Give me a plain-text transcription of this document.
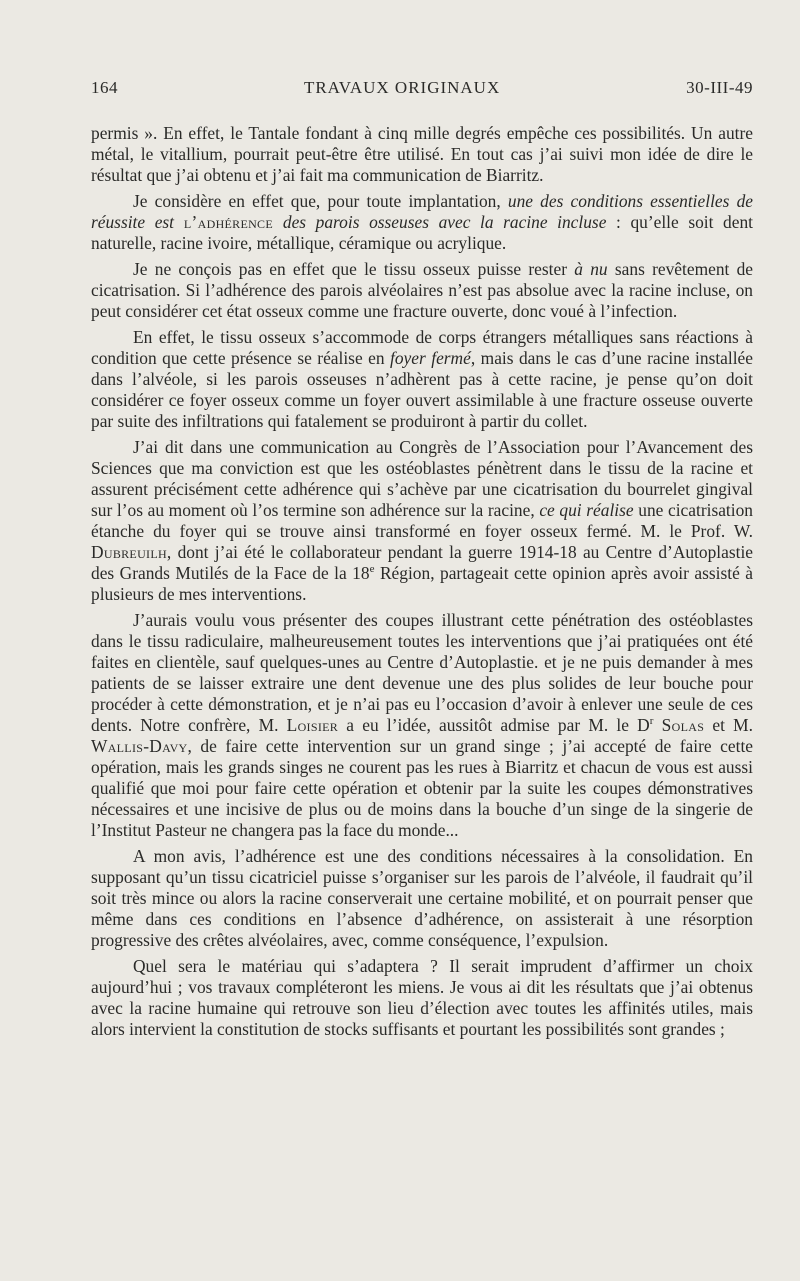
164	TRAVAUX ORIGINAUX	30-III-49

permis ». En effet, le Tantale fondant à cinq mille degrés empêche ces possibilités. Un autre métal, le vitallium, pourrait peut-être être utilisé. En tout cas j’ai suivi mon idée de dire le résultat que j’ai obtenu et j’ai fait ma communication de Biarritz.

Je considère en effet que, pour toute implantation, une des conditions essentielles de réussite est l’adhérence des parois osseuses avec la racine incluse : qu’elle soit dent naturelle, racine ivoire, métallique, céramique ou acrylique.

Je ne conçois pas en effet que le tissu osseux puisse rester à nu sans revêtement de cicatrisation. Si l’adhérence des parois alvéolaires n’est pas absolue avec la racine incluse, on peut considérer cet état osseux comme une fracture ouverte, donc voué à l’infection.

En effet, le tissu osseux s’accommode de corps étrangers métalliques sans réactions à condition que cette présence se réalise en foyer fermé, mais dans le cas d’une racine installée dans l’alvéole, si les parois osseuses n’adhèrent pas à cette racine, je pense qu’on doit considérer ce foyer osseux comme un foyer ouvert assimilable à une fracture osseuse ouverte par suite des infiltrations qui fatalement se produiront à partir du collet.

J’ai dit dans une communication au Congrès de l’Association pour l’Avancement des Sciences que ma conviction est que les ostéoblastes pénètrent dans le tissu de la racine et assurent précisément cette adhérence qui s’achève par une cicatrisation du bourrelet gingival sur l’os au moment où l’os termine son adhérence sur la racine, ce qui réalise une cicatrisation étanche du foyer qui se trouve ainsi transformé en foyer osseux fermé. M. le Prof. W. Dubreuilh, dont j’ai été le collaborateur pendant la guerre 1914-18 au Centre d’Autoplastie des Grands Mutilés de la Face de la 18e Région, partageait cette opinion après avoir assisté à plusieurs de mes interventions.

J’aurais voulu vous présenter des coupes illustrant cette pénétration des ostéoblastes dans le tissu radiculaire, malheureusement toutes les interventions que j’ai pratiquées ont été faites en clientèle, sauf quelques-unes au Centre d’Autoplastie. et je ne puis demander à mes patients de se laisser extraire une dent devenue une des plus solides de leur bouche pour procéder à cette démonstration, et je n’ai pas eu l’occasion d’avoir à enlever une seule de ces dents. Notre confrère, M. Loisier a eu l’idée, aussitôt admise par M. le $D^r$ Solas et M. Wallis-Davy, de faire cette intervention sur un grand singe ; j’ai accepté de faire cette opération, mais les grands singes ne courent pas les rues à Biarritz et chacun de vous est aussi qualifié que moi pour faire cette opération et obtenir par la suite les coupes démonstratives nécessaires et une incisive de plus ou de moins dans la bouche d’un singe de la singerie de l’Institut Pasteur ne changera pas la face du monde...

A mon avis, l’adhérence est une des conditions nécessaires à la consolidation. En supposant qu’un tissu cicatriciel puisse s’organiser sur les parois de l’alvéole, il faudrait qu’il soit très mince ou alors la racine conserverait une certaine mobilité, et on pourrait penser que même dans ces conditions en l’absence d’adhérence, on assisterait à une résorption progressive des crêtes alvéolaires, avec, comme conséquence, l’expulsion.

Quel sera le matériau qui s’adaptera ? Il serait imprudent d’affirmer un choix aujourd’hui ; vos travaux compléteront les miens. Je vous ai dit les résultats que j’ai obtenus avec la racine humaine qui retrouve son lieu d’élection avec toutes les affinités utiles, mais alors intervient la constitution de stocks suffisants et pourtant les possibilités sont grandes ;
